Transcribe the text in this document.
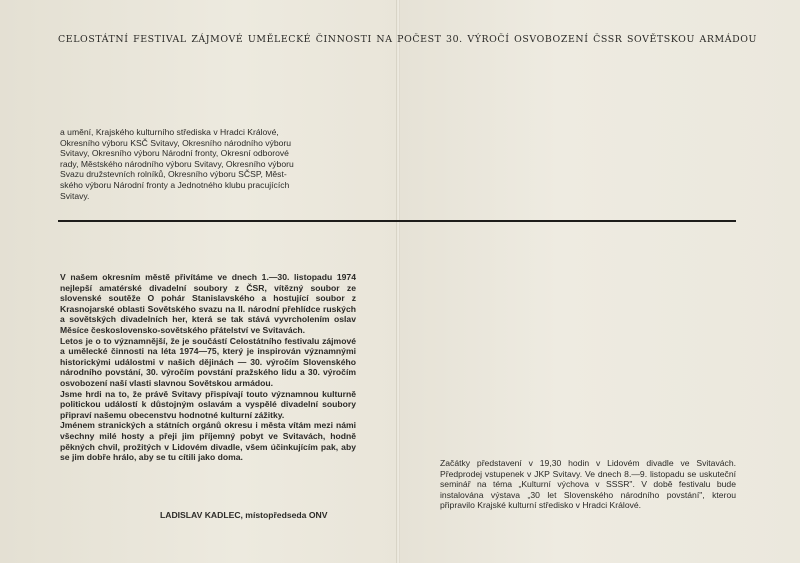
CELOSTÁTNÍ FESTIVAL ZÁJMOVÉ UMĚLECKÉ ČINNOSTI NA POČEST 30. VÝROČÍ OSVOBOZENÍ ČSSR SOVĚTSKOU ARMÁDOU

a umění, Krajského kulturního střediska v Hradci Králové,

Okresního výboru KSČ Svitavy, Okresního národního výboru

Svitavy, Okresního výboru Národní fronty, Okresní odborové

rady, Městského národního výboru Svitavy, Okresního výboru

Svazu družstevních rolníků, Okresního výboru SČSP, Měst-

ského výboru Národní fronty a Jednotného klubu pracujících

Svitavy.

V našem okresním městě přivítáme ve dnech 1.—30. listopadu 1974 nejlepší amatérské divadelní soubory z ČSR, vítězný soubor ze slovenské soutěže O pohár Stanislavského a hostující soubor z Krasnojarské oblasti Sovětského svazu na II. národní přehlídce ruských a sovětských divadelních her, která se tak stává vyvrcholením oslav Měsíce československo-sovětského přátelství ve Svitavách.

Letos je o to významnější, že je součástí Celostátního festivalu zájmové a umělecké činnosti na léta 1974—75, který je inspirován významnými historickými událostmi v našich dějinách — 30. výročím Slovenského národního povstání, 30. výročím povstání pražského lidu a 30. výročím osvobození naší vlasti slavnou Sovětskou armádou.

Jsme hrdi na to, že právě Svitavy přispívají touto významnou kulturně politickou událostí k důstojným oslavám a vyspělé divadelní soubory připraví našemu obecenstvu hodnotné kulturní zážitky.

Jménem stranických a státních orgánů okresu i města vítám mezi námi všechny milé hosty a přeji jim příjemný pobyt ve Svitavách, hodně pěkných chvil, prožitých v Lidovém divadle, všem účinkujícím pak, aby se jim dobře hrálo, aby se tu cítili jako doma.

LADISLAV KADLEC, místopředseda ONV
Začátky představení v 19,30 hodin v Lidovém divadle ve Svitavách. Předprodej vstupenek v JKP Svitavy. Ve dnech 8.—9. listopadu se uskuteční seminář na téma „Kulturní výchova v SSSR". V době festivalu bude instalována výstava „30 let Slovenského národního povstání", kterou připravilo Krajské kulturní středisko v Hradci Králové.
